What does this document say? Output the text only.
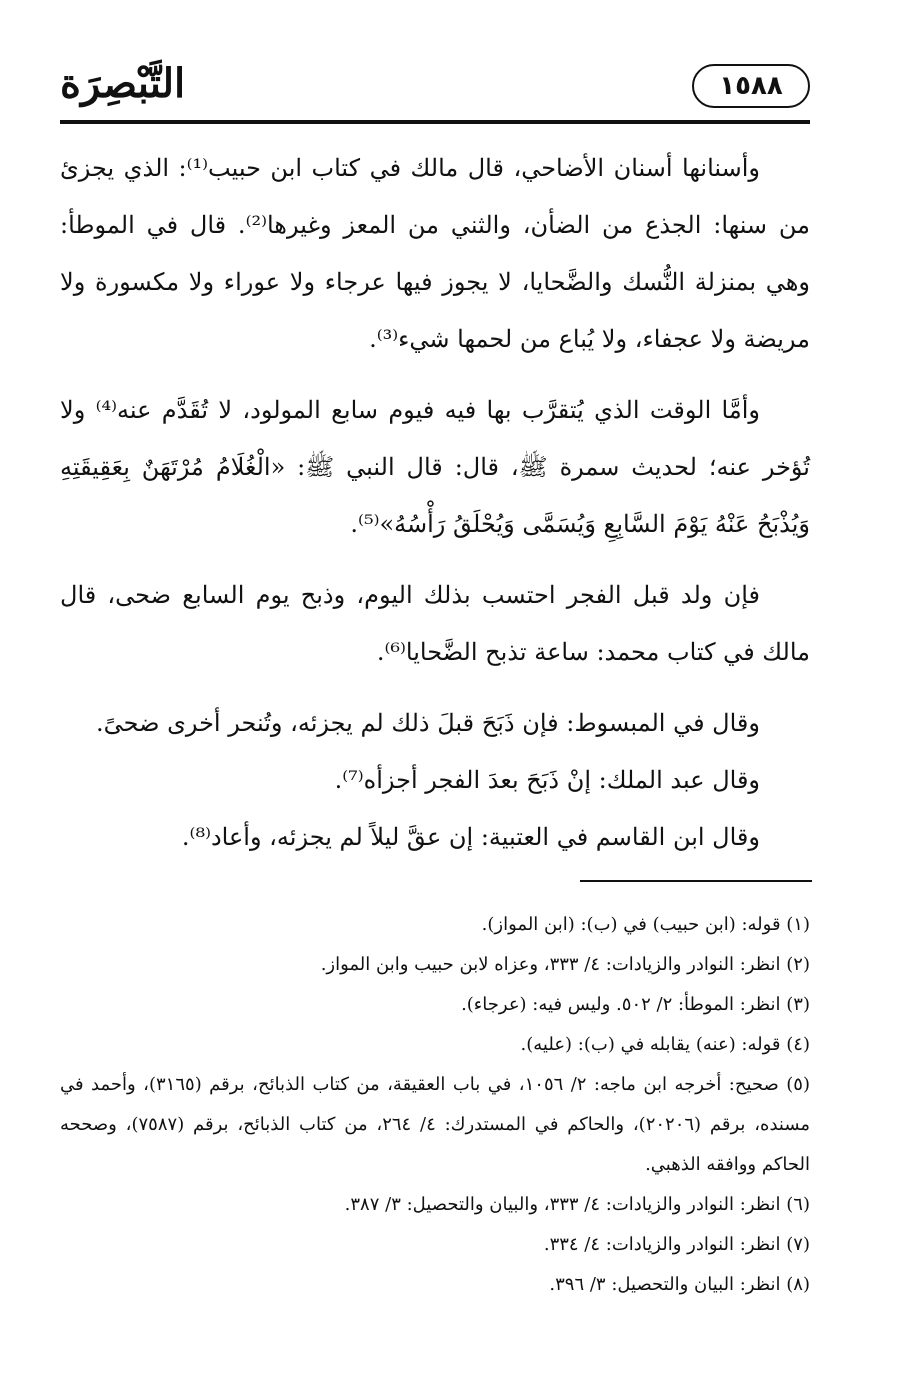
التَّبْصِرَة	١٥٨٨

وأسنانها أسنان الأضاحي، قال مالك في كتاب ابن حبيب⁽¹⁾: الذي يجزئ من سنها: الجذع من الضأن، والثني من المعز وغيرها⁽²⁾. قال في الموطأ: وهي بمنزلة النُّسك والضَّحايا، لا يجوز فيها عرجاء ولا عوراء ولا مكسورة ولا مريضة ولا عجفاء، ولا يُباع من لحمها شيء⁽³⁾.

وأمَّا الوقت الذي يُتقرَّب بها فيه فيوم سابع المولود، لا تُقَدَّم عنه⁽⁴⁾ ولا تُؤخر عنه؛ لحديث سمرة ﷺ، قال: قال النبي ﷺ: «الْغُلَامُ مُرْتَهَنٌ بِعَقِيقَتِهِ وَيُذْبَحُ عَنْهُ يَوْمَ السَّابِعِ وَيُسَمَّى وَيُحْلَقُ رَأْسُهُ»⁽⁵⁾.

فإن ولد قبل الفجر احتسب بذلك اليوم، وذبح يوم السابع ضحى، قال مالك في كتاب محمد: ساعة تذبح الضَّحايا⁽⁶⁾.

وقال في المبسوط: فإن ذَبَحَ قبلَ ذلك لم يجزئه، وتُنحر أخرى ضحىً.

وقال عبد الملك: إنْ ذَبَحَ بعدَ الفجر أجزأه⁽⁷⁾.

وقال ابن القاسم في العتبية: إن عقَّ ليلاً لم يجزئه، وأعاد⁽⁸⁾.

(١) قوله: (ابن حبيب) في (ب): (ابن المواز).

(٢) انظر: النوادر والزيادات: ٤/ ٣٣٣، وعزاه لابن حبيب وابن المواز.

(٣) انظر: الموطأ: ٢/ ٥٠٢. وليس فيه: (عرجاء).

(٤) قوله: (عنه) يقابله في (ب): (عليه).

(٥) صحيح: أخرجه ابن ماجه: ٢/ ١٠٥٦، في باب العقيقة، من كتاب الذبائح، برقم (٣١٦٥)، وأحمد في مسنده، برقم (٢٠٢٠٦)، والحاكم في المستدرك: ٤/ ٢٦٤، من كتاب الذبائح، برقم (٧٥٨٧)، وصححه الحاكم ووافقه الذهبي.

(٦) انظر: النوادر والزيادات: ٤/ ٣٣٣، والبيان والتحصيل: ٣/ ٣٨٧.

(٧) انظر: النوادر والزيادات: ٤/ ٣٣٤.

(٨) انظر: البيان والتحصيل: ٣/ ٣٩٦.
